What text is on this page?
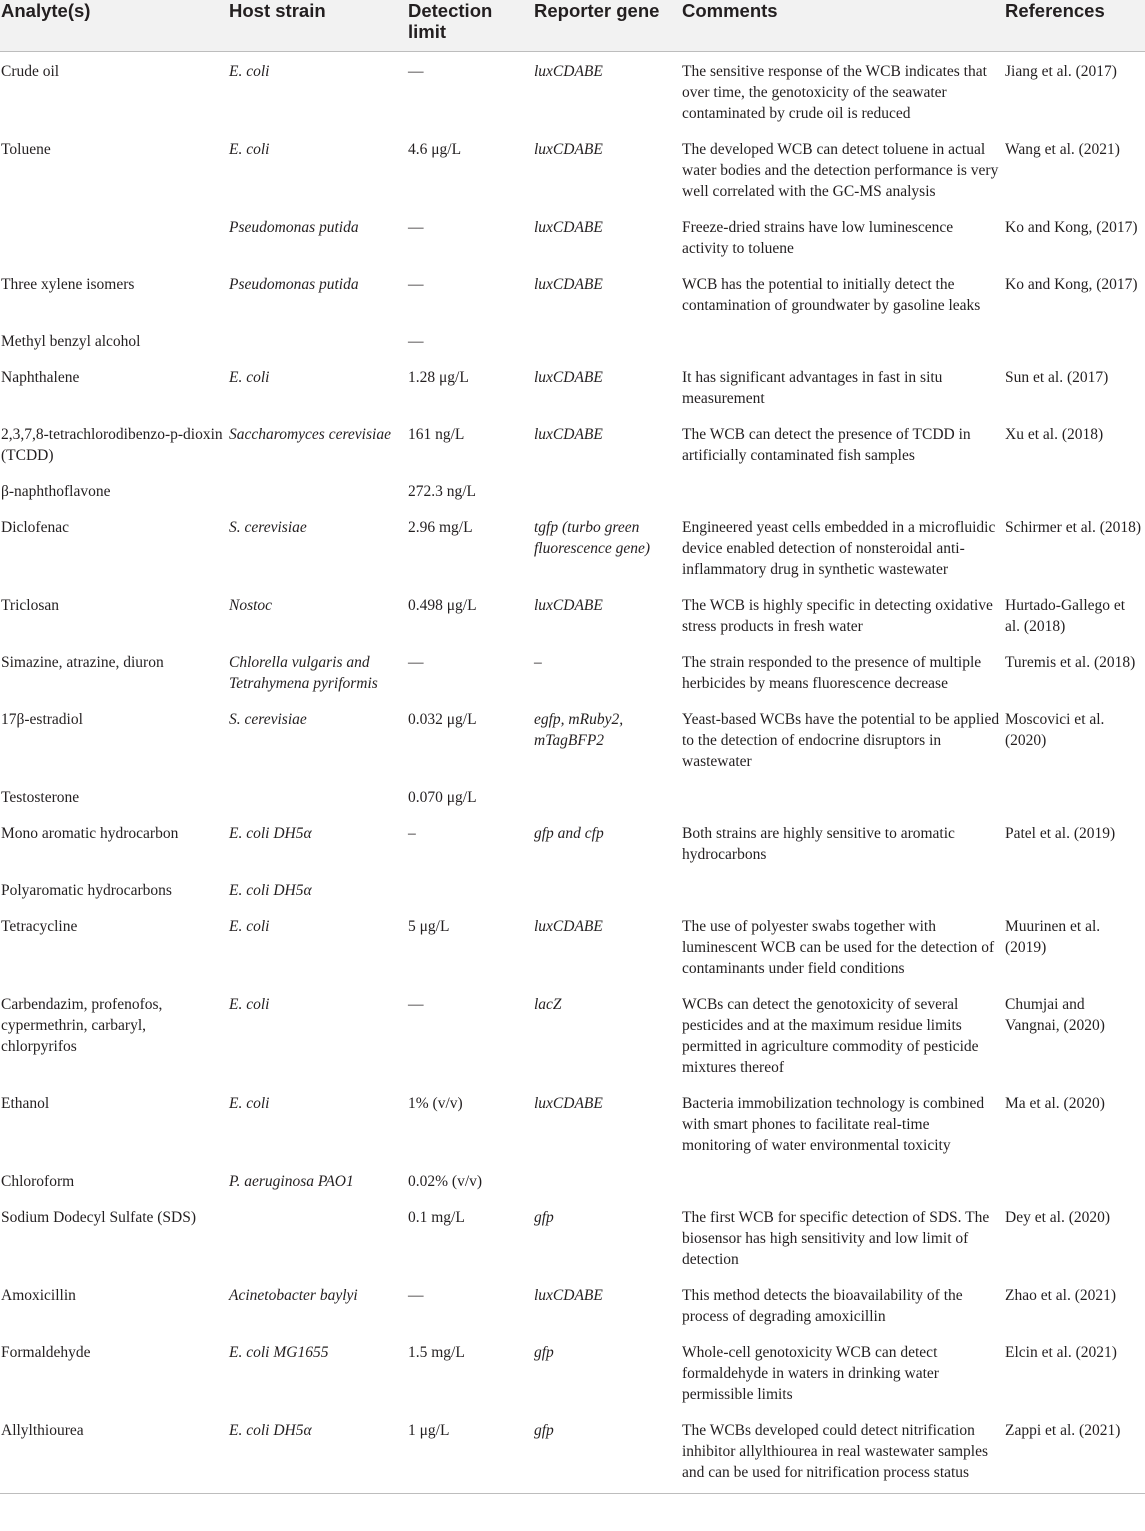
Analyte(s)	Host strain	Detection limit	Reporter gene	Comments	References
Crude oil	E. coli	—	luxCDABE	The sensitive response of the WCB indicates that over time, the genotoxicity of the seawater contaminated by crude oil is reduced	Jiang et al. (2017)
Toluene	E. coli	4.6 μg/L	luxCDABE	The developed WCB can detect toluene in actual water bodies and the detection performance is very well correlated with the GC-MS analysis	Wang et al. (2021)
	Pseudomonas putida	—	luxCDABE	Freeze-dried strains have low luminescence activity to toluene	Ko and Kong, (2017)
Three xylene isomers	Pseudomonas putida	—	luxCDABE	WCB has the potential to initially detect the contamination of groundwater by gasoline leaks	Ko and Kong, (2017)
Methyl benzyl alcohol		—			
Naphthalene	E. coli	1.28 μg/L	luxCDABE	It has significant advantages in fast in situ measurement	Sun et al. (2017)
2,3,7,8-tetrachlorodibenzo-p-dioxin (TCDD)	Saccharomyces cerevisiae	161 ng/L	luxCDABE	The WCB can detect the presence of TCDD in artificially contaminated fish samples	Xu et al. (2018)
β-naphthoflavone		272.3 ng/L			
Diclofenac	S. cerevisiae	2.96 mg/L	tgfp (turbo green fluorescence gene)	Engineered yeast cells embedded in a microfluidic device enabled detection of nonsteroidal anti-inflammatory drug in synthetic wastewater	Schirmer et al. (2018)
Triclosan	Nostoc	0.498 μg/L	luxCDABE	The WCB is highly specific in detecting oxidative stress products in fresh water	Hurtado-Gallego et al. (2018)
Simazine, atrazine, diuron	Chlorella vulgaris and Tetrahymena pyriformis	—	–	The strain responded to the presence of multiple herbicides by means fluorescence decrease	Turemis et al. (2018)
17β-estradiol	S. cerevisiae	0.032 μg/L	egfp, mRuby2, mTagBFP2	Yeast-based WCBs have the potential to be applied to the detection of endocrine disruptors in wastewater	Moscovici et al. (2020)
Testosterone		0.070 μg/L			
Mono aromatic hydrocarbon	E. coli DH5α	–	gfp and cfp	Both strains are highly sensitive to aromatic hydrocarbons	Patel et al. (2019)
Polyaromatic hydrocarbons	E. coli DH5α				
Tetracycline	E. coli	5 μg/L	luxCDABE	The use of polyester swabs together with luminescent WCB can be used for the detection of contaminants under field conditions	Muurinen et al. (2019)
Carbendazim, profenofos, cypermethrin, carbaryl, chlorpyrifos	E. coli	—	lacZ	WCBs can detect the genotoxicity of several pesticides and at the maximum residue limits permitted in agriculture commodity of pesticide mixtures thereof	Chumjai and Vangnai, (2020)
Ethanol	E. coli	1% (v/v)	luxCDABE	Bacteria immobilization technology is combined with smart phones to facilitate real-time monitoring of water environmental toxicity	Ma et al. (2020)
Chloroform	P. aeruginosa PAO1	0.02% (v/v)			
Sodium Dodecyl Sulfate (SDS)		0.1 mg/L	gfp	The first WCB for specific detection of SDS. The biosensor has high sensitivity and low limit of detection	Dey et al. (2020)
Amoxicillin	Acinetobacter baylyi	—	luxCDABE	This method detects the bioavailability of the process of degrading amoxicillin	Zhao et al. (2021)
Formaldehyde	E. coli MG1655	1.5 mg/L	gfp	Whole-cell genotoxicity WCB can detect formaldehyde in waters in drinking water permissible limits	Elcin et al. (2021)
Allylthiourea	E. coli DH5α	1 μg/L	gfp	The WCBs developed could detect nitrification inhibitor allylthiourea in real wastewater samples and can be used for nitrification process status	Zappi et al. (2021)
